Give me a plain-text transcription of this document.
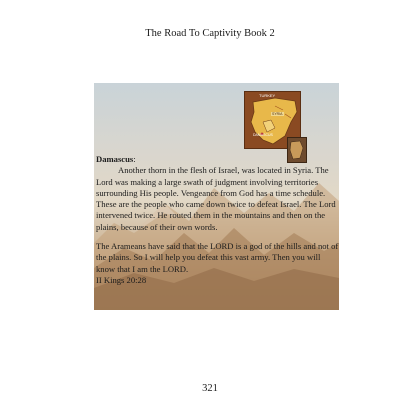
The Road To Captivity Book 2
TURKEY
SYRIA
DAMASCUS

Damascus:

Another thorn in the flesh of Israel, was located in Syria. The Lord was making a large swath of judgment involving territories surrounding His people. Vengeance from God has a time schedule. These are the people who came down twice to defeat Israel. The Lord intervened twice. He routed them in the mountains and then on the plains, because of their own words.

The Arameans have said that the LORD is a god of the hills and not of the plains. So I will help you defeat this vast army. Then you will know that I am the LORD.

II Kings 20:28

321
